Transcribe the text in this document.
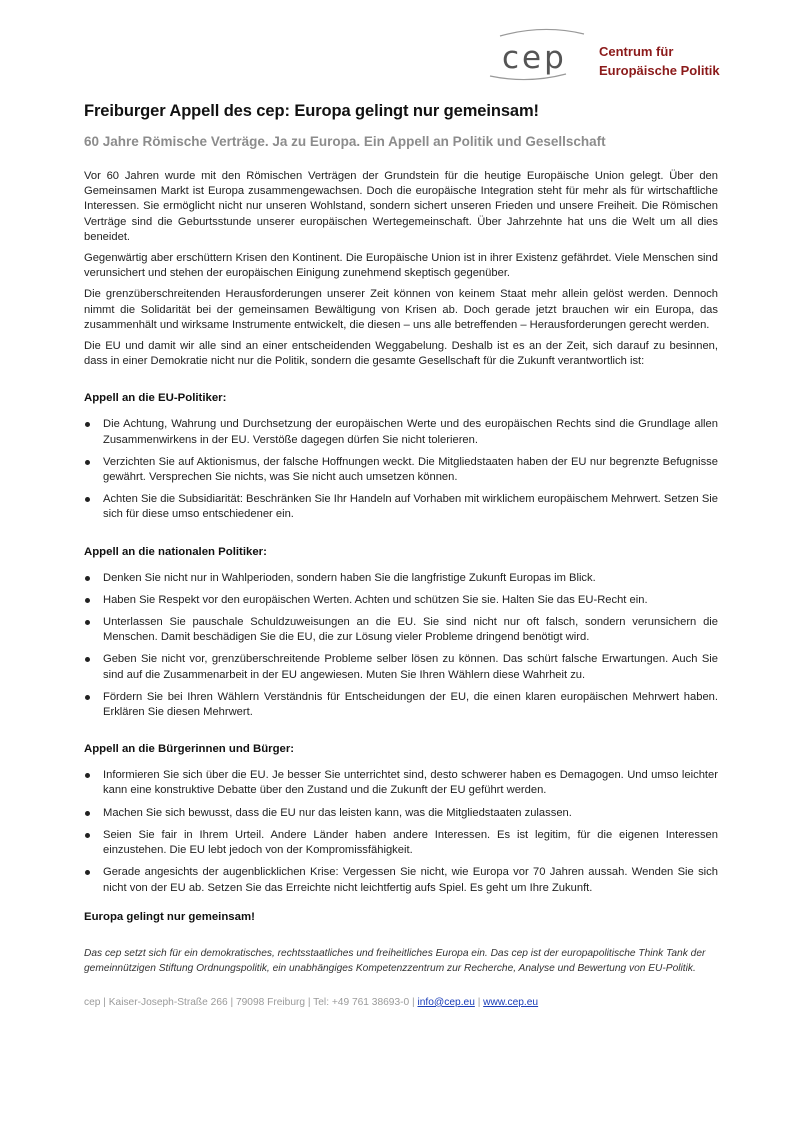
cep Centrum für
Europäische Politik
Freiburger Appell des cep: Europa gelingt nur gemeinsam!
60 Jahre Römische Verträge. Ja zu Europa. Ein Appell an Politik und Gesellschaft

Vor 60 Jahren wurde mit den Römischen Verträgen der Grundstein für die heutige Europäische Union gelegt. Über den Gemeinsamen Markt ist Europa zusammengewachsen. Doch die europäische Integration steht für mehr als für wirtschaftliche Interessen. Sie ermöglicht nicht nur unseren Wohlstand, sondern sichert unseren Frieden und unsere Freiheit. Die Römischen Verträge sind die Geburtsstunde unserer europäischen Wertegemeinschaft. Über Jahrzehnte hat uns die Welt um all dies beneidet.

Gegenwärtig aber erschüttern Krisen den Kontinent. Die Europäische Union ist in ihrer Existenz gefährdet. Viele Menschen sind verunsichert und stehen der europäischen Einigung zunehmend skeptisch gegenüber.

Die grenzüberschreitenden Herausforderungen unserer Zeit können von keinem Staat mehr allein gelöst werden. Dennoch nimmt die Solidarität bei der gemeinsamen Bewältigung von Krisen ab. Doch gerade jetzt brauchen wir ein Europa, das zusammenhält und wirksame Instrumente entwickelt, die diesen – uns alle betreffenden – Herausforderungen gerecht werden.

Die EU und damit wir alle sind an einer entscheidenden Weggabelung. Deshalb ist es an der Zeit, sich darauf zu besinnen, dass in einer Demokratie nicht nur die Politik, sondern die gesamte Gesellschaft für die Zukunft verantwortlich ist:

Appell an die EU-Politiker:
Die Achtung, Wahrung und Durchsetzung der europäischen Werte und des europäischen Rechts sind die Grundlage allen Zusammenwirkens in der EU. Verstöße dagegen dürfen Sie nicht tolerieren.
Verzichten Sie auf Aktionismus, der falsche Hoffnungen weckt. Die Mitgliedstaaten haben der EU nur begrenzte Befugnisse gewährt. Versprechen Sie nichts, was Sie nicht auch umsetzen können.
Achten Sie die Subsidiarität: Beschränken Sie Ihr Handeln auf Vorhaben mit wirklichem europäischem Mehrwert. Setzen Sie sich für diese umso entschiedener ein.
Appell an die nationalen Politiker:
Denken Sie nicht nur in Wahlperioden, sondern haben Sie die langfristige Zukunft Europas im Blick.
Haben Sie Respekt vor den europäischen Werten. Achten und schützen Sie sie. Halten Sie das EU-Recht ein.
Unterlassen Sie pauschale Schuldzuweisungen an die EU. Sie sind nicht nur oft falsch, sondern verunsichern die Menschen. Damit beschädigen Sie die EU, die zur Lösung vieler Probleme dringend benötigt wird.
Geben Sie nicht vor, grenzüberschreitende Probleme selber lösen zu können. Das schürt falsche Erwartungen. Auch Sie sind auf die Zusammenarbeit in der EU angewiesen. Muten Sie Ihren Wählern diese Wahrheit zu.
Fördern Sie bei Ihren Wählern Verständnis für Entscheidungen der EU, die einen klaren europäischen Mehrwert haben. Erklären Sie diesen Mehrwert.
Appell an die Bürgerinnen und Bürger:
Informieren Sie sich über die EU. Je besser Sie unterrichtet sind, desto schwerer haben es Demagogen. Und umso leichter kann eine konstruktive Debatte über den Zustand und die Zukunft der EU geführt werden.
Machen Sie sich bewusst, dass die EU nur das leisten kann, was die Mitgliedstaaten zulassen.
Seien Sie fair in Ihrem Urteil. Andere Länder haben andere Interessen. Es ist legitim, für die eigenen Interessen einzustehen. Die EU lebt jedoch von der Kompromissfähigkeit.
Gerade angesichts der augenblicklichen Krise: Vergessen Sie nicht, wie Europa vor 70 Jahren aussah. Wenden Sie sich nicht von der EU ab. Setzen Sie das Erreichte nicht leichtfertig aufs Spiel. Es geht um Ihre Zukunft.
Europa gelingt nur gemeinsam!

Das cep setzt sich für ein demokratisches, rechtsstaatliches und freiheitliches Europa ein. Das cep ist der europapolitische Think Tank der gemeinnützigen Stiftung Ordnungspolitik, ein unabhängiges Kompetenzzentrum zur Recherche, Analyse und Bewertung von EU-Politik.

cep | Kaiser-Joseph-Straße 266 | 79098 Freiburg | Tel: +49 761 38693-0 | info@cep.eu | www.cep.eu
